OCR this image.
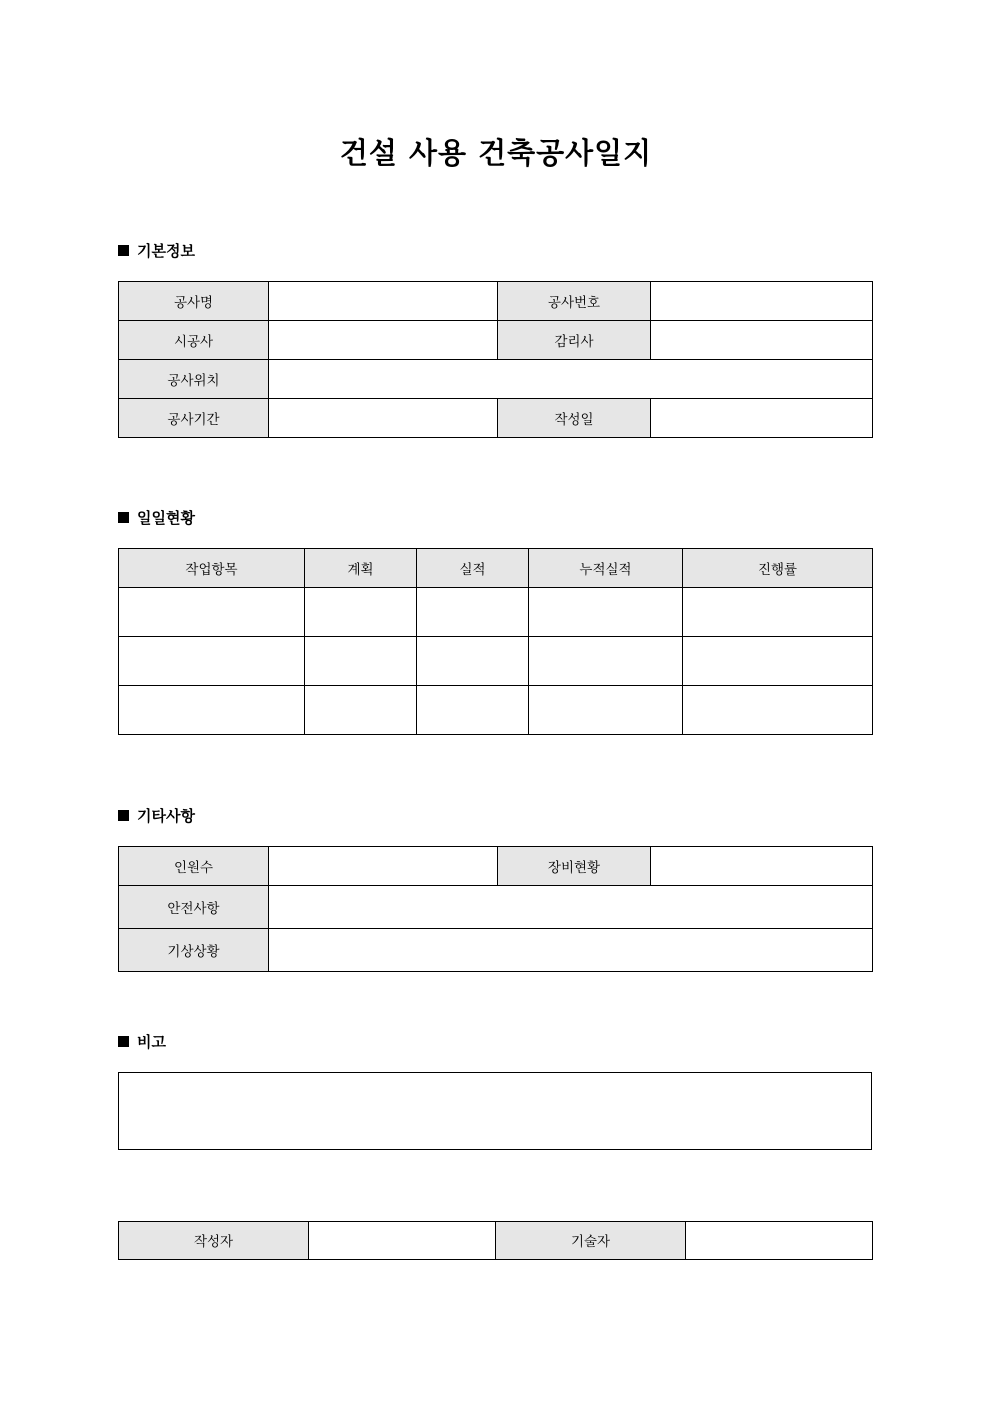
건설 사용 건축공사일지
기본정보
공사명		공사번호	
시공사		감리사	
공사위치			
공사기간		작성일	
일일현황
작업항목	계획	실적	누적실적	진행률

기타사항
인원수		장비현황	
안전사항			
기상상황			
비고
작성자		기술자	
